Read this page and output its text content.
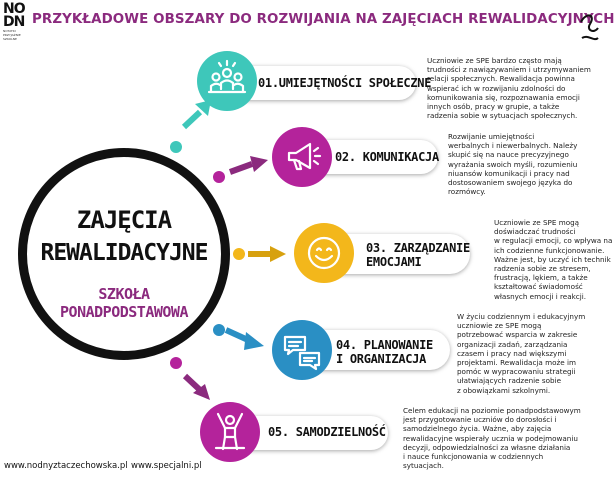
NO
DN
NOTATKI PRZYJAŹNIE
SZKOLNE
PRZYKŁADOWE OBSZARY DO ROZWIJANIA NA ZAJĘCIACH REWALIDACYJNYCH
ZAJĘCIA
REWALIDACYJNE
SZKOŁA
PONADPODSTAWOWA
01.UMIEJĘTNOŚCI SPOŁECZNE
02. KOMUNIKACJA
03. ZARZĄDZANIE
EMOCJAMI
04. PLANOWANIE
I ORGANIZACJA
05. SAMODZIELNOŚĆ
Uczniowie ze SPE bardzo często mają
trudności z nawiązywaniem i utrzymywaniem
relacji społecznych. Rewalidacja powinna
wspierać ich w rozwijaniu zdolności do
komunikowania się, rozpoznawania emocji
innych osób, pracy w grupie, a także
radzenia sobie w sytuacjach społecznych.
Rozwijanie umiejętności
werbalnych i niewerbalnych. Należy
skupić się na nauce precyzyjnego
wyrażania swoich myśli, rozumieniu
niuansów komunikacji i pracy nad
dostosowaniem swojego języka do
rozmówcy.
Uczniowie ze SPE mogą
doświadczać trudności
w regulacji emocji, co wpływa na
ich codzienne funkcjonowanie.
Ważne jest, by uczyć ich technik
radzenia sobie ze stresem,
frustracją, lękiem, a także
kształtować świadomość
własnych emocji i reakcji.
W życiu codziennym i edukacyjnym
uczniowie ze SPE mogą
potrzebować wsparcia w zakresie
organizacji zadań, zarządzania
czasem i pracy nad większymi
projektami. Rewalidacja może im
pomóc w wypracowaniu strategii
ułatwiających radzenie sobie
z obowiązkami szkolnymi.
Celem edukacji na poziomie ponadpodstawowym
jest przygotowanie uczniów do dorosłości i
samodzielnego życia. Ważne, aby zajęcia
rewalidacyjne wspierały ucznia w podejmowaniu
decyzji, odpowiedzialności za własne działania
i nauce funkcjonowania w codziennych
sytuacjach.
www.nodnyztaczechowska.pl www.specjalni.pl
